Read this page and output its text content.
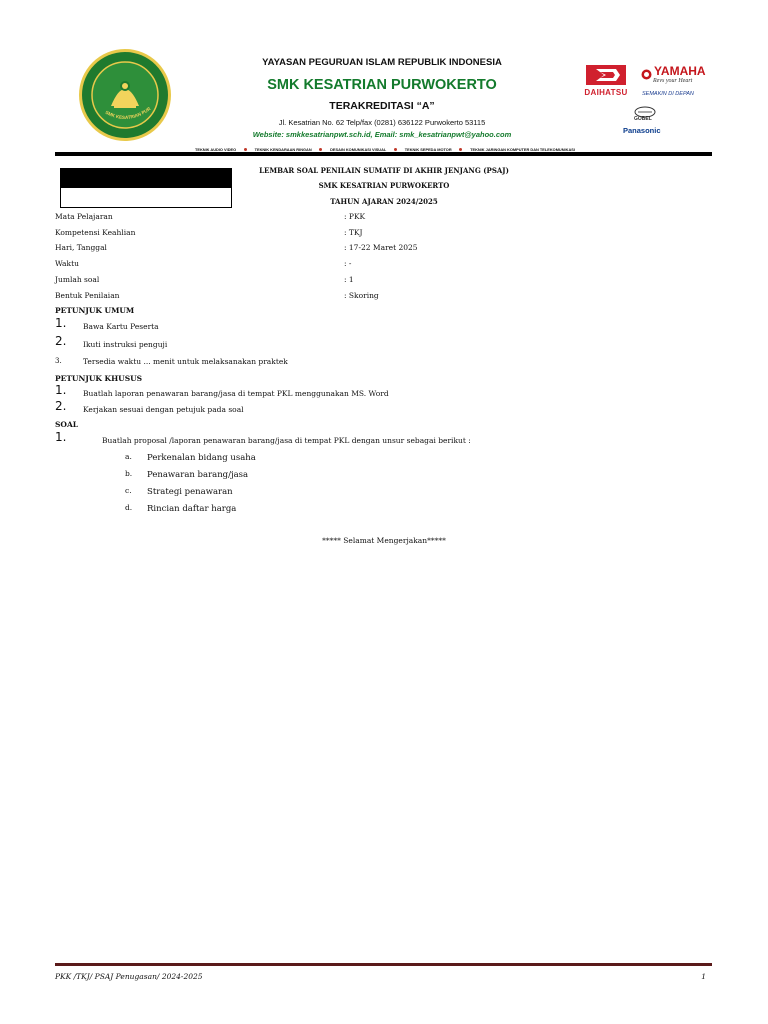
SMK KESATRIAN PUR
YAYASAN PEGURUAN ISLAM REPUBLIK INDONESIA
SMK KESATRIAN PURWOKERTO
TERAKREDITASI “A”
Jl. Kesatrian No. 62 Telp/fax (0281) 636122 Purwokerto 53115
Website: smkkesatrianpwt.sch.id, Email: smk_kesatrianpwt@yahoo.com
TEKNIK AUDIO VIDEO	TEKNIK KENDARAAN RINGAN	DESAIN KOMUNIKASI VISUAL	TEKNIK SEPEDA MOTOR	TEKNIK JARINGAN KOMPUTER DAN TELEKOMUNIKASI
DAIHATSU
YAMAHA
Revs your Heart
SEMAKIN DI DEPAN
GOBEL
Panasonic
LEMBAR SOAL PENILAIN SUMATIF DI AKHIR JENJANG (PSAJ)
SMK KESATRIAN PURWOKERTO
TAHUN AJARAN 2024/2025
Mata Pelajaran	: PKK
Kompetensi Keahlian	: TKJ
Hari, Tanggal	: 17-22 Maret 2025
Waktu	: -
Jumlah soal	: 1
Bentuk Penilaian	: Skoring
PETUNJUK UMUM
1. Bawa Kartu Peserta
2. Ikuti instruksi penguji
3.	Tersedia waktu ... menit untuk melaksanakan praktek
PETUNJUK KHUSUS
1. Buatlah laporan penawaran barang/jasa di tempat PKL menggunakan MS. Word
2. Kerjakan sesuai dengan petujuk pada soal
SOAL
1.	Buatlah proposal /laporan penawaran barang/jasa di tempat PKL dengan unsur sebagai berikut :
a. Perkenalan bidang usaha
b. Penawaran barang/jasa
c. Strategi penawaran
d. Rincian daftar harga
***** Selamat Mengerjakan*****
PKK /TKJ/ PSAJ Penugasan/ 2024-2025	1
